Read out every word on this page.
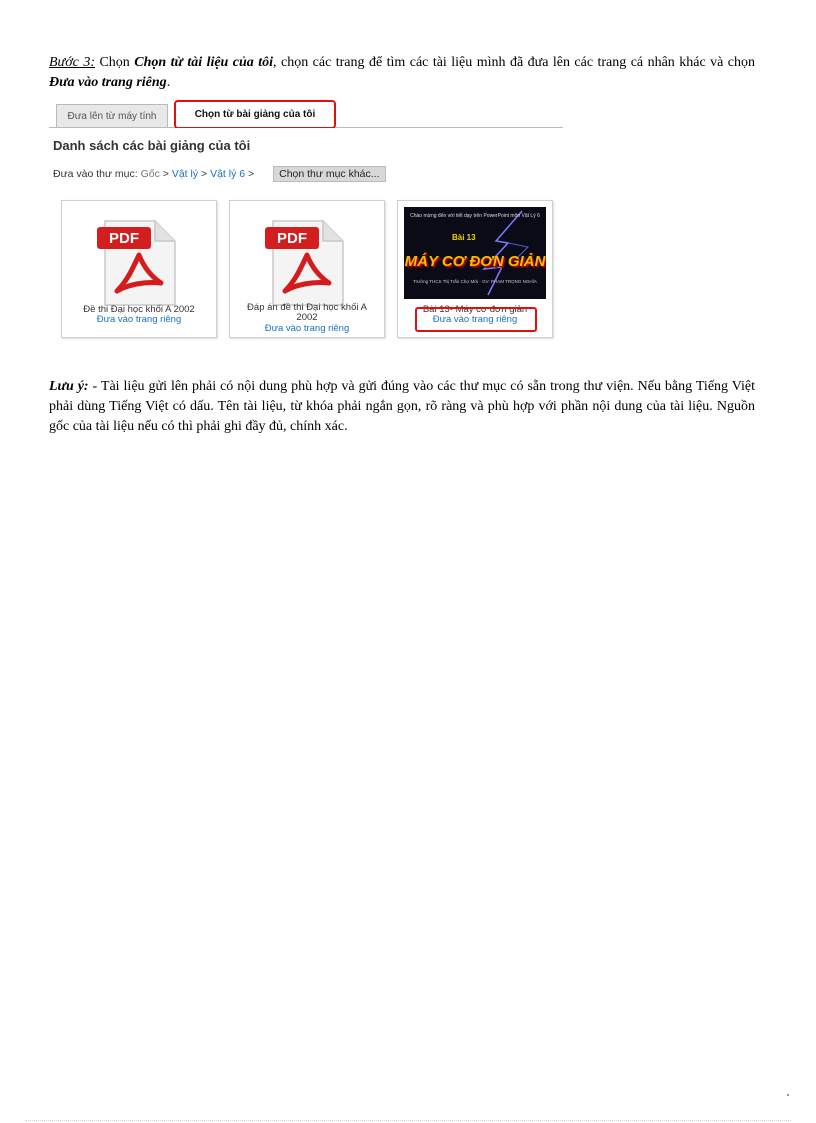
Bước 3: Chọn Chọn từ tài liệu của tôi, chọn các trang để tìm các tài liệu mình đã đưa lên các trang cá nhân khác và chọn Đưa vào trang riêng.

Đưa lên từ máy tính	Chọn từ bài giảng của tôi
Danh sách các bài giảng của tôi
Đưa vào thư mục: Gốc > Vật lý > Vật lý 6 > Chọn thư mục khác...
PDF
Đề thi Đại học khối A 2002
Đưa vào trang riêng
PDF
Đáp án đề thi Đại học khối A 2002
Đưa vào trang riêng
Chào mừng đến với tiết dạy trên PowerPoint môn Vật Lý 6
Bài 13
MÁY CƠ ĐƠN GIẢN
Trường THCS Thị Trấn Chợ Mới · GV: PHẠM TRỌNG NGHĨA
Bài 13- Máy cơ đơn giản
Đưa vào trang riêng

Lưu ý: - Tài liệu gửi lên phải có nội dung phù hợp và gửi đúng vào các thư mục có sẵn trong thư viện. Nếu bằng Tiếng Việt phải dùng Tiếng Việt có dấu. Tên tài liệu, từ khóa phải ngắn gọn, rõ ràng và phù hợp với phần nội dung của tài liệu. Nguồn gốc của tài liệu nếu có thì phải ghi đầy đủ, chính xác.
